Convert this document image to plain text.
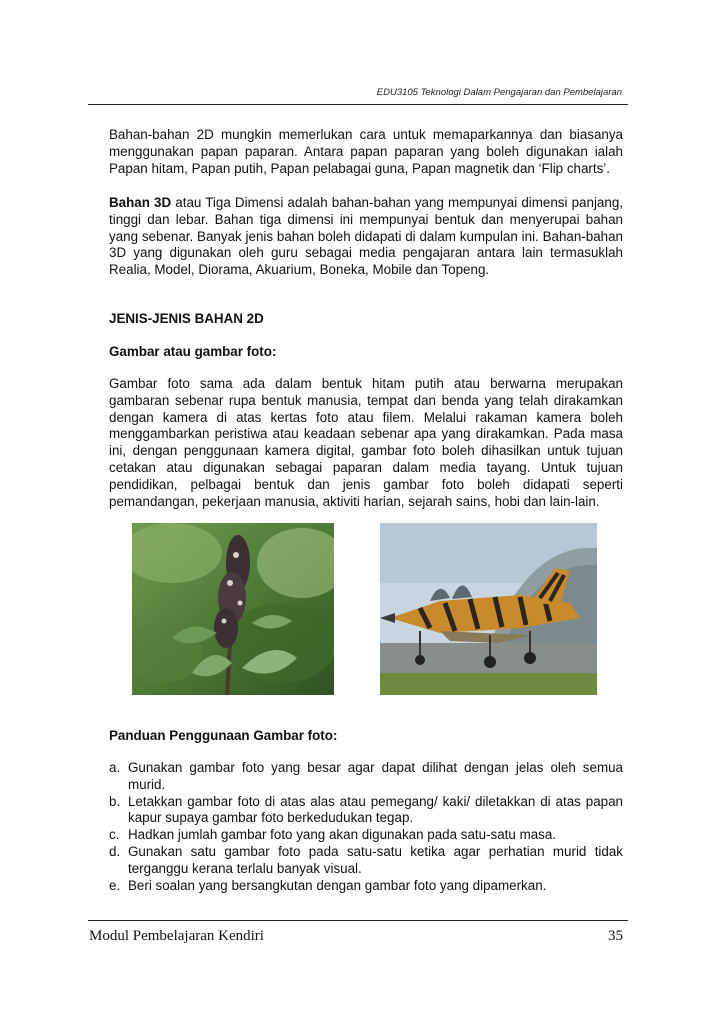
EDU3105 Teknologi Dalam Pengajaran dan Pembelajaran

Bahan-bahan 2D mungkin memerlukan cara untuk memaparkannya dan biasanya menggunakan papan paparan. Antara papan paparan yang boleh digunakan ialah Papan hitam, Papan putih, Papan pelabagai guna, Papan magnetik dan ‘Flip charts’.

Bahan 3D atau Tiga Dimensi adalah bahan-bahan yang mempunyai dimensi panjang, tinggi dan lebar. Bahan tiga dimensi ini mempunyai bentuk dan menyerupai bahan yang sebenar. Banyak jenis bahan boleh didapati di dalam kumpulan ini. Bahan-bahan 3D yang digunakan oleh guru sebagai media pengajaran antara lain termasuklah Realia, Model, Diorama, Akuarium, Boneka, Mobile dan Topeng.

JENIS-JENIS BAHAN 2D

Gambar atau gambar foto:

Gambar foto sama ada dalam bentuk hitam putih atau berwarna merupakan gambaran sebenar rupa bentuk manusia, tempat dan benda yang telah dirakamkan dengan kamera di atas kertas foto atau filem. Melalui rakaman kamera boleh menggambarkan peristiwa atau keadaan sebenar apa yang dirakamkan. Pada masa ini, dengan penggunaan kamera digital, gambar foto boleh dihasilkan untuk tujuan cetakan atau digunakan sebagai paparan dalam media tayang. Untuk tujuan pendidikan, pelbagai bentuk dan jenis gambar foto boleh didapati seperti pemandangan, pekerjaan manusia, aktiviti harian, sejarah sains, hobi dan lain-lain.

Panduan Penggunaan Gambar foto:

a. Gunakan gambar foto yang besar agar dapat dilihat dengan jelas oleh semua murid.
b. Letakkan gambar foto di atas alas atau pemegang/ kaki/ diletakkan di atas papan kapur supaya gambar foto berkedudukan tegap.
c. Hadkan jumlah gambar foto yang akan digunakan pada satu-satu masa.
d. Gunakan satu gambar foto pada satu-satu ketika agar perhatian murid tidak terganggu kerana terlalu banyak visual.
e. Beri soalan yang bersangkutan dengan gambar foto yang dipamerkan.
Modul Pembelajaran Kendiri	35
